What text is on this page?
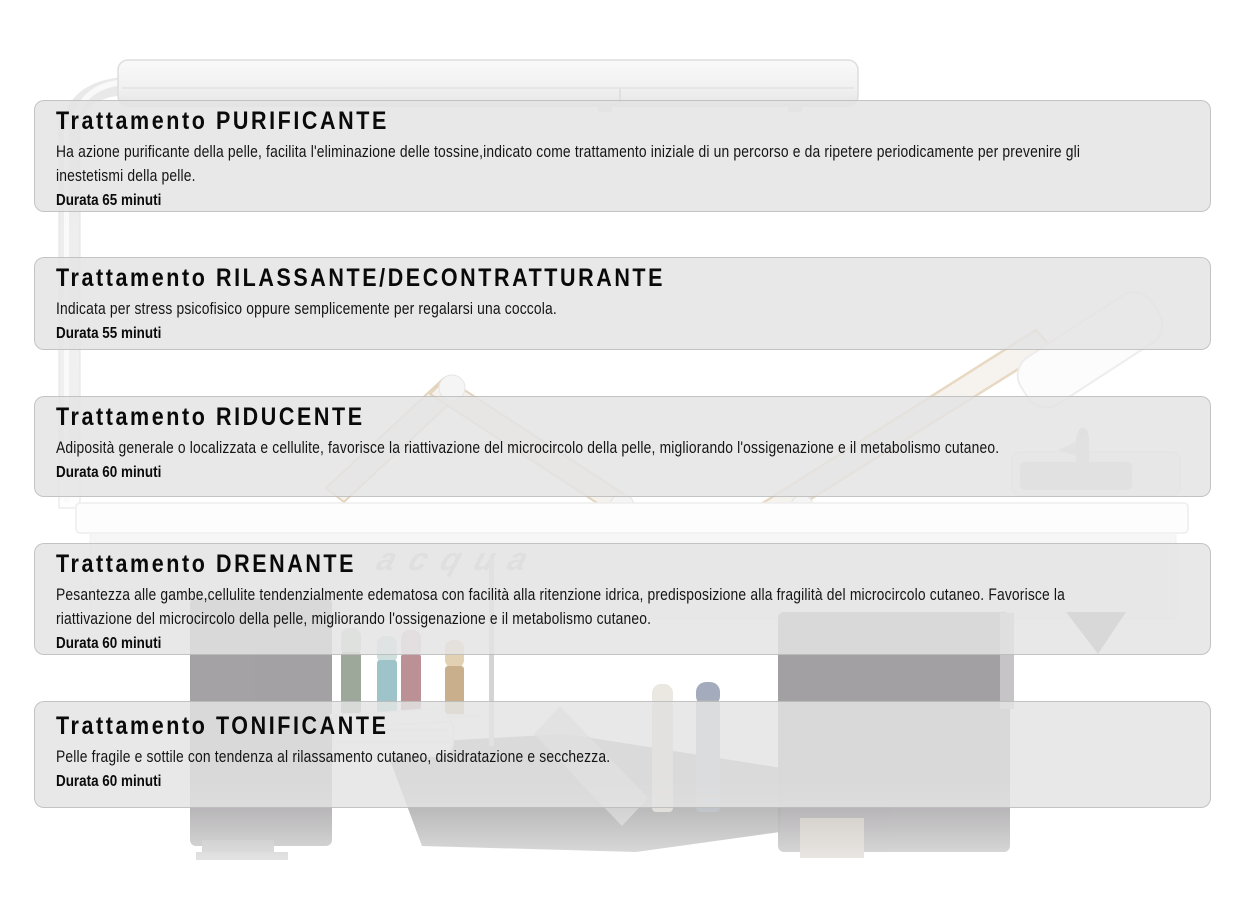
Trattamento PURIFICANTE

Ha azione purificante della pelle, facilita l'eliminazione delle tossine,indicato come trattamento iniziale di un percorso e da ripetere periodicamente per prevenire gli inestetismi della pelle.

Durata 65 minuti

Trattamento RILASSANTE/DECONTRATTURANTE

Indicata per stress psicofisico oppure semplicemente per regalarsi una coccola.

Durata 55 minuti

Trattamento RIDUCENTE

Adiposità generale o localizzata e cellulite, favorisce la riattivazione del microcircolo della pelle, migliorando l'ossigenazione e il metabolismo cutaneo.

Durata 60 minuti

Trattamento DRENANTE

Pesantezza alle gambe,cellulite tendenzialmente edematosa con facilità alla ritenzione idrica, predisposizione alla fragilità del microcircolo cutaneo. Favorisce la riattivazione del microcircolo della pelle, migliorando l'ossigenazione e il metabolismo cutaneo.

Durata 60 minuti

Trattamento TONIFICANTE

Pelle fragile e sottile con tendenza al rilassamento cutaneo, disidratazione e secchezza.

Durata 60 minuti
